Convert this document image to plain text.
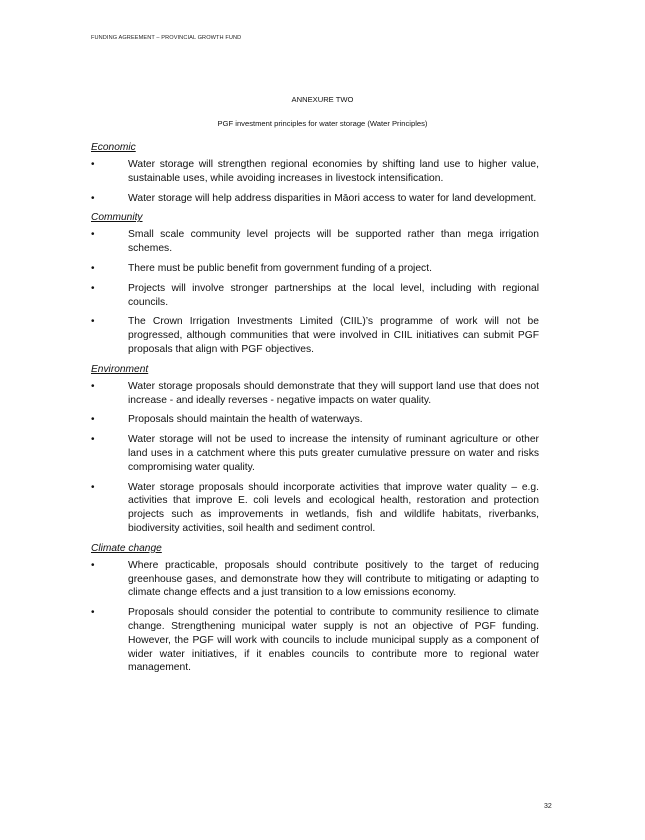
FUNDING AGREEMENT – PROVINCIAL GROWTH FUND
ANNEXURE TWO
PGF investment principles for water storage (Water Principles)
Economic
•	Water storage will strengthen regional economies by shifting land use to higher value, sustainable uses, while avoiding increases in livestock intensification.
•	Water storage will help address disparities in Māori access to water for land development.
Community
•	Small scale community level projects will be supported rather than mega irrigation schemes.
•	There must be public benefit from government funding of a project.
•	Projects will involve stronger partnerships at the local level, including with regional councils.
•	The Crown Irrigation Investments Limited (CIIL)’s programme of work will not be progressed, although communities that were involved in CIIL initiatives can submit PGF proposals that align with PGF objectives.
Environment
•	Water storage proposals should demonstrate that they will support land use that does not increase - and ideally reverses - negative impacts on water quality.
•	Proposals should maintain the health of waterways.
•	Water storage will not be used to increase the intensity of ruminant agriculture or other land uses in a catchment where this puts greater cumulative pressure on water and risks compromising water quality.
•	Water storage proposals should incorporate activities that improve water quality – e.g. activities that improve E. coli levels and ecological health, restoration and protection projects such as improvements in wetlands, fish and wildlife habitats, riverbanks, biodiversity activities, soil health and sediment control.
Climate change
•	Where practicable, proposals should contribute positively to the target of reducing greenhouse gases, and demonstrate how they will contribute to mitigating or adapting to climate change effects and a just transition to a low emissions economy.
•	Proposals should consider the potential to contribute to community resilience to climate change. Strengthening municipal water supply is not an objective of PGF funding. However, the PGF will work with councils to include municipal supply as a component of wider water initiatives, if it enables councils to contribute more to regional water management.
32
